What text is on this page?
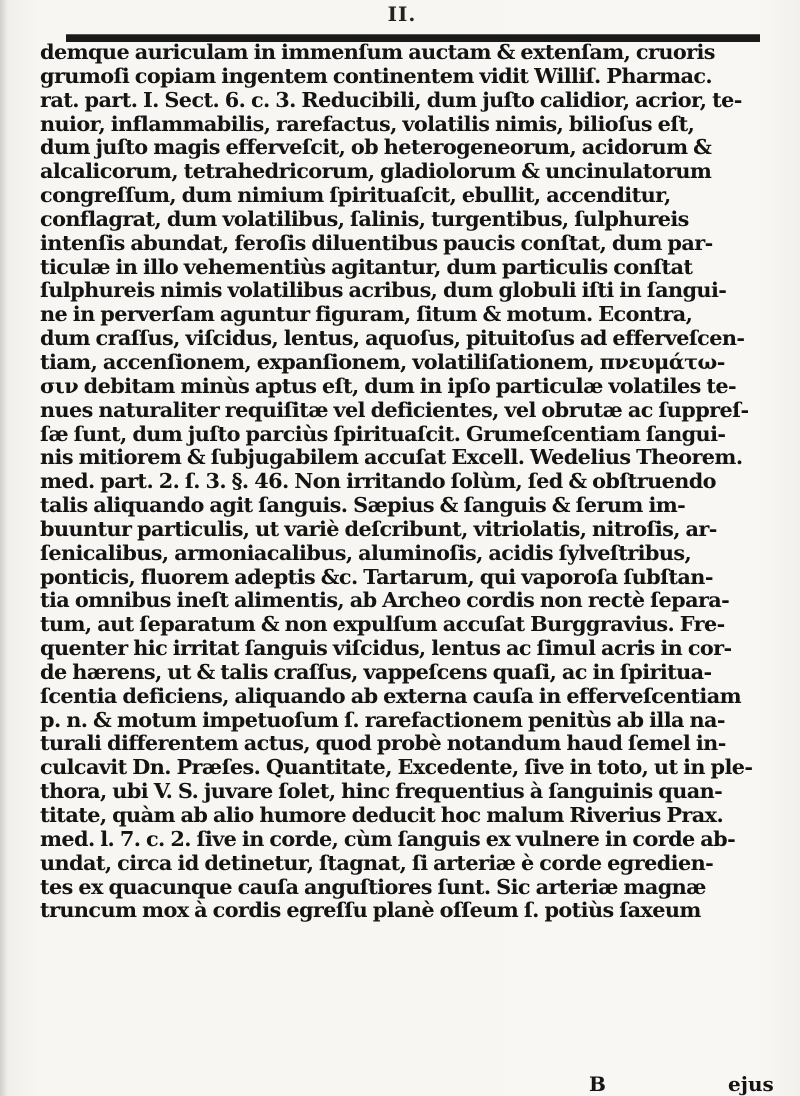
II.
demque auriculam in immenſum auctam & extenſam, cruoris
grumoſi copiam ingentem continentem vidit Williſ. Pharmac.
rat. part. I. Sect. 6. c. 3. Reducibili, dum juſto calidior, acrior, te-
nuior, inflammabilis, rarefactus, volatilis nimis, bilioſus eſt,
dum juſto magis efferveſcit, ob heterogeneorum, acidorum &
alcalicorum, tetrahedricorum, gladiolorum & uncinulatorum
congreſſum, dum nimium ſpirituaſcit, ebullit, accenditur,
conflagrat, dum volatilibus, ſalinis, turgentibus, ſulphureis
intenſis abundat, feroſis diluentibus paucis conſtat, dum par-
ticulæ in illo vehementiùs agitantur, dum particulis conſtat
ſulphureis nimis volatilibus acribus, dum globuli iſti in ſangui-
ne in perverſam aguntur figuram, ſitum & motum. Econtra,
dum craſſus, viſcidus, lentus, aquoſus, pituitoſus ad efferveſcen-
tiam, accenſionem, expanſionem, volatiliſationem, πνευμάτω-
σιν debitam minùs aptus eſt, dum in ipſo particulæ volatiles te-
nues naturaliter requiſitæ vel deficientes, vel obrutæ ac ſuppreſ-
ſæ ſunt, dum juſto parciùs ſpirituaſcit. Grumeſcentiam ſangui-
nis mitiorem & ſubjugabilem accuſat Excell. Wedelius Theorem.
med. part. 2. ſ. 3. §. 46. Non irritando ſolùm, ſed & obſtruendo
talis aliquando agit ſanguis. Sæpius & ſanguis & ſerum im-
buuntur particulis, ut variè deſcribunt, vitriolatis, nitroſis, ar-
ſenicalibus, armoniacalibus, aluminoſis, acidis ſylveſtribus,
ponticis, fluorem adeptis &c. Tartarum, qui vaporoſa ſubſtan-
tia omnibus ineſt alimentis, ab Archeo cordis non rectè ſepara-
tum, aut ſeparatum & non expulſum accuſat Burggravius. Fre-
quenter hic irritat ſanguis viſcidus, lentus ac ſimul acris in cor-
de hærens, ut & talis craſſus, vappeſcens quaſi, ac in ſpiritua-
ſcentia deficiens, aliquando ab externa cauſa in efferveſcentiam
p. n. & motum impetuoſum ſ. rarefactionem penitùs ab illa na-
turali differentem actus, quod probè notandum haud ſemel in-
culcavit Dn. Præſes. Quantitate, Excedente, ſive in toto, ut in ple-
thora, ubi V. S. juvare ſolet, hinc frequentius à ſanguinis quan-
titate, quàm ab alio humore deducit hoc malum Riverius Prax.
med. l. 7. c. 2. ſive in corde, cùm ſanguis ex vulnere in corde ab-
undat, circa id detinetur, ſtagnat, ſi arteriæ è corde egredien-
tes ex quacunque cauſa anguſtiores ſunt. Sic arteriæ magnæ
truncum mox à cordis egreſſu planè oſſeum ſ. potiùs ſaxeum
B	ejus
